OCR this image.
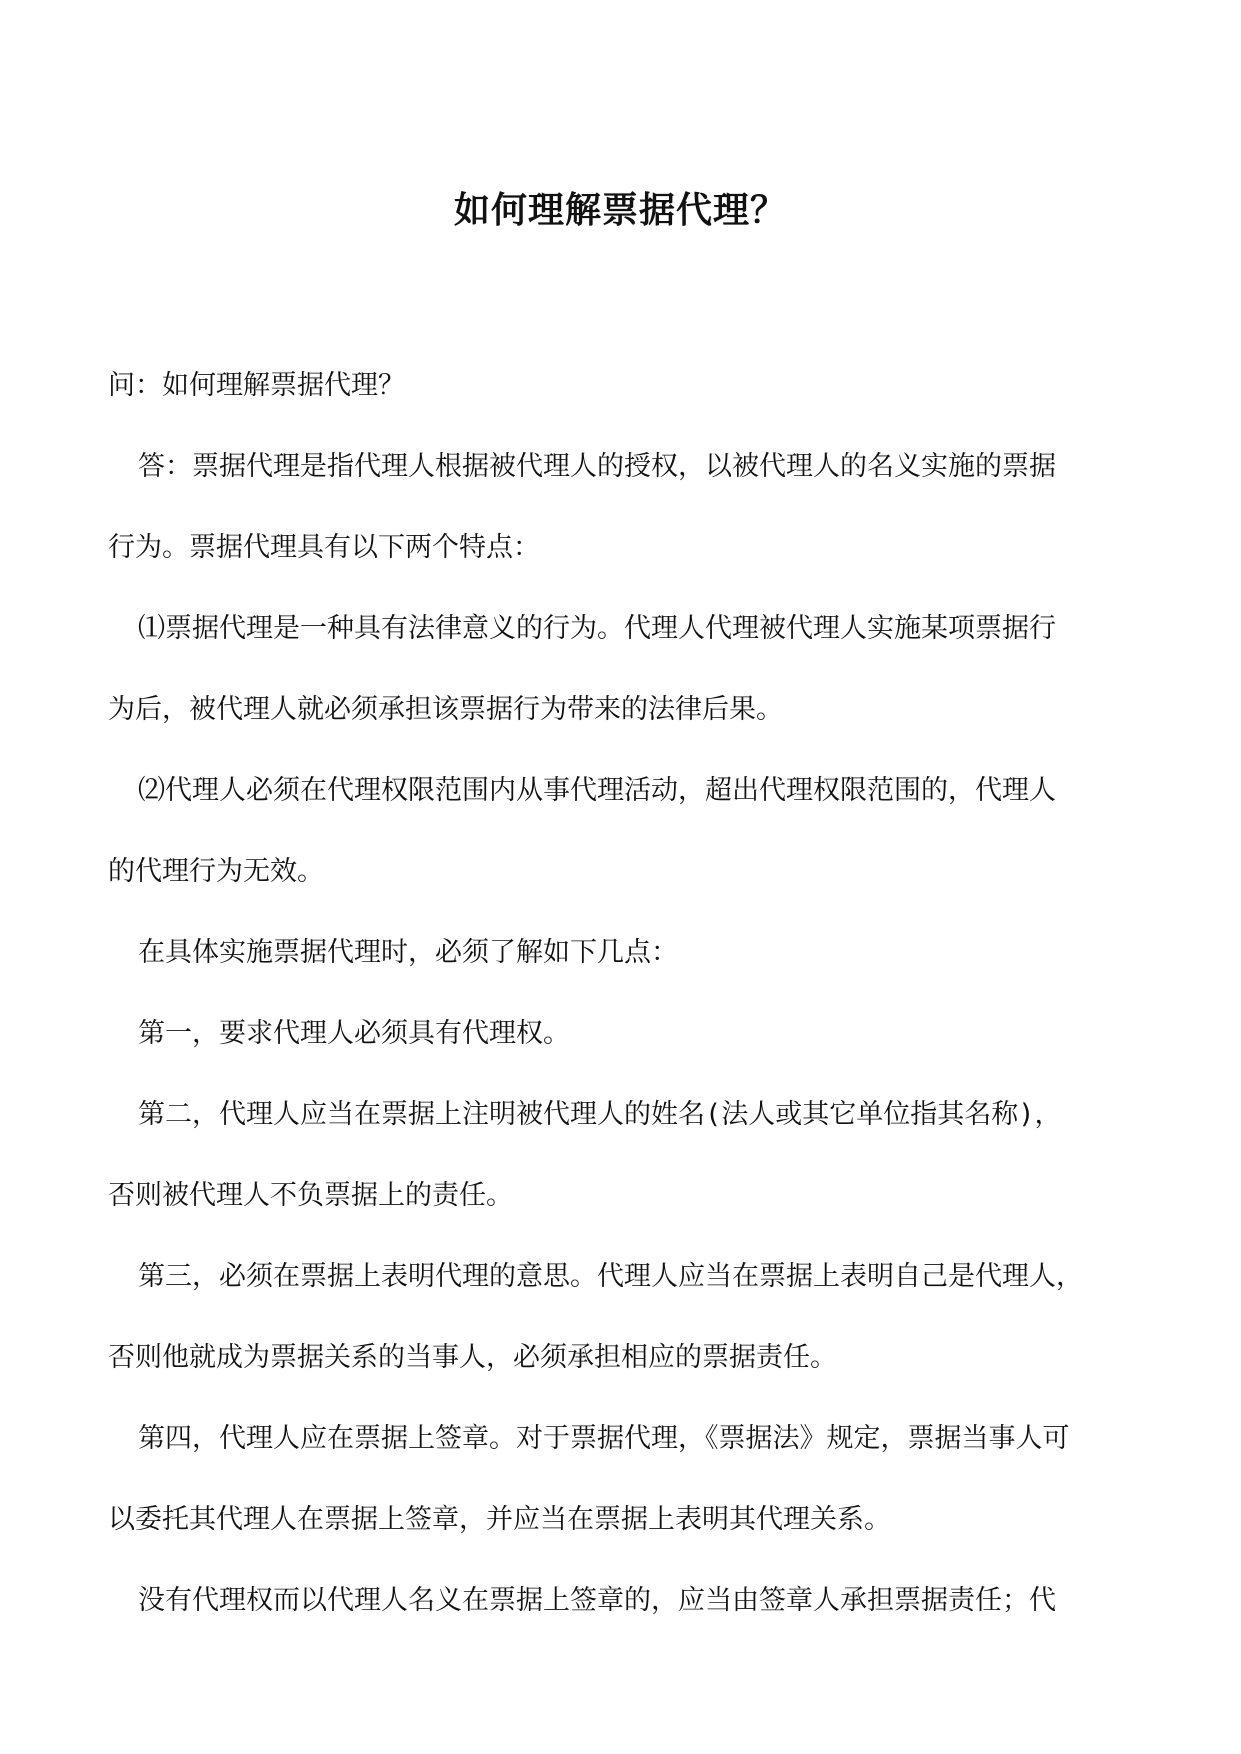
如何理解票据代理？

问：如何理解票据代理？

答：票据代理是指代理人根据被代理人的授权，以被代理人的名义实施的票据

行为。票据代理具有以下两个特点：

⑴票据代理是一种具有法律意义的行为。代理人代理被代理人实施某项票据行

为后，被代理人就必须承担该票据行为带来的法律后果。

⑵代理人必须在代理权限范围内从事代理活动，超出代理权限范围的，代理人

的代理行为无效。

在具体实施票据代理时，必须了解如下几点：

第一，要求代理人必须具有代理权。

第二，代理人应当在票据上注明被代理人的姓名(法人或其它单位指其名称)，

否则被代理人不负票据上的责任。

第三，必须在票据上表明代理的意思。代理人应当在票据上表明自己是代理人，

否则他就成为票据关系的当事人，必须承担相应的票据责任。

第四，代理人应在票据上签章。对于票据代理，《票据法》规定，票据当事人可

以委托其代理人在票据上签章，并应当在票据上表明其代理关系。

没有代理权而以代理人名义在票据上签章的，应当由签章人承担票据责任；代
